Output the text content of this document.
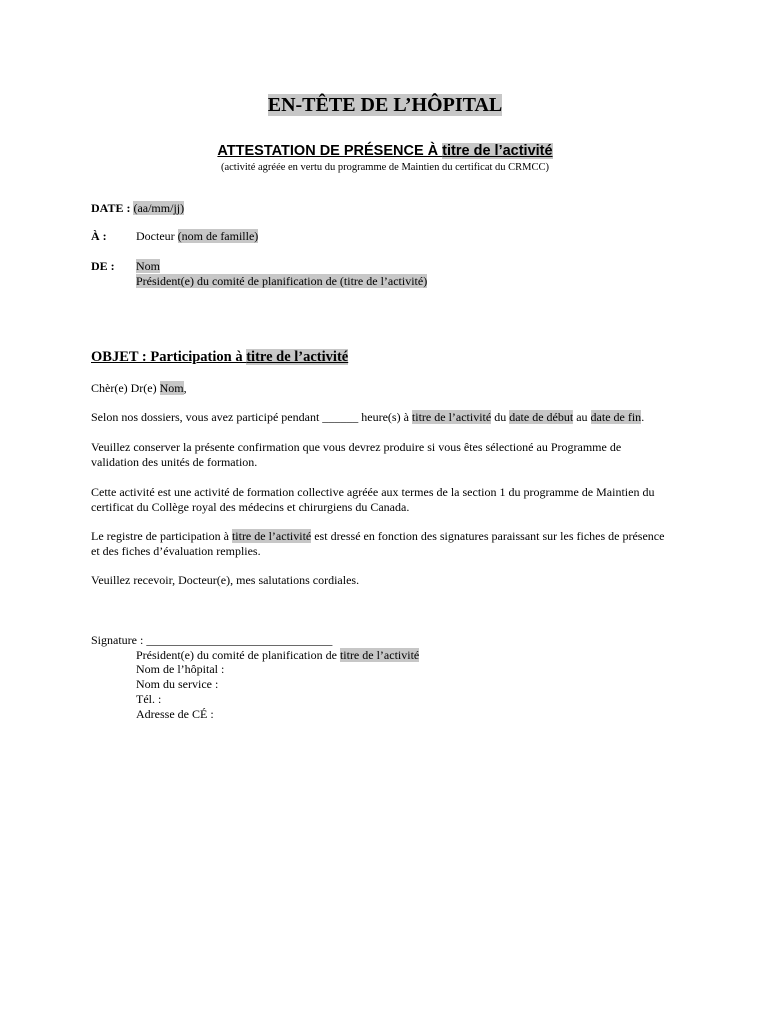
EN-TÊTE DE L’HÔPITAL
ATTESTATION DE PRÉSENCE À titre de l’activité
(activité agréée en vertu du programme de Maintien du certificat du CRMCC)
DATE : (aa/mm/jj)
À : Docteur (nom de famille)
DE : Nom
Président(e) du comité de planification de (titre de l’activité)
OBJET : Participation à titre de l’activité
Chèr(e) Dr(e) Nom,
Selon nos dossiers, vous avez participé pendant ______ heure(s) à titre de l’activité du date de début au date de fin.
Veuillez conserver la présente confirmation que vous devrez produire si vous êtes sélectioné au Programme de validation des unités de formation.
Cette activité est une activité de formation collective agréée aux termes de la section 1 du programme de Maintien du certificat du Collège royal des médecins et chirurgiens du Canada.
Le registre de participation à titre de l’activité est dressé en fonction des signatures paraissant sur les fiches de présence et des fiches d’évaluation remplies.
Veuillez recevoir, Docteur(e), mes salutations cordiales.
Signature : _______________________________
Président(e) du comité de planification de titre de l’activité
Nom de l’hôpital :
Nom du service :
Tél. :
Adresse de CÉ :
